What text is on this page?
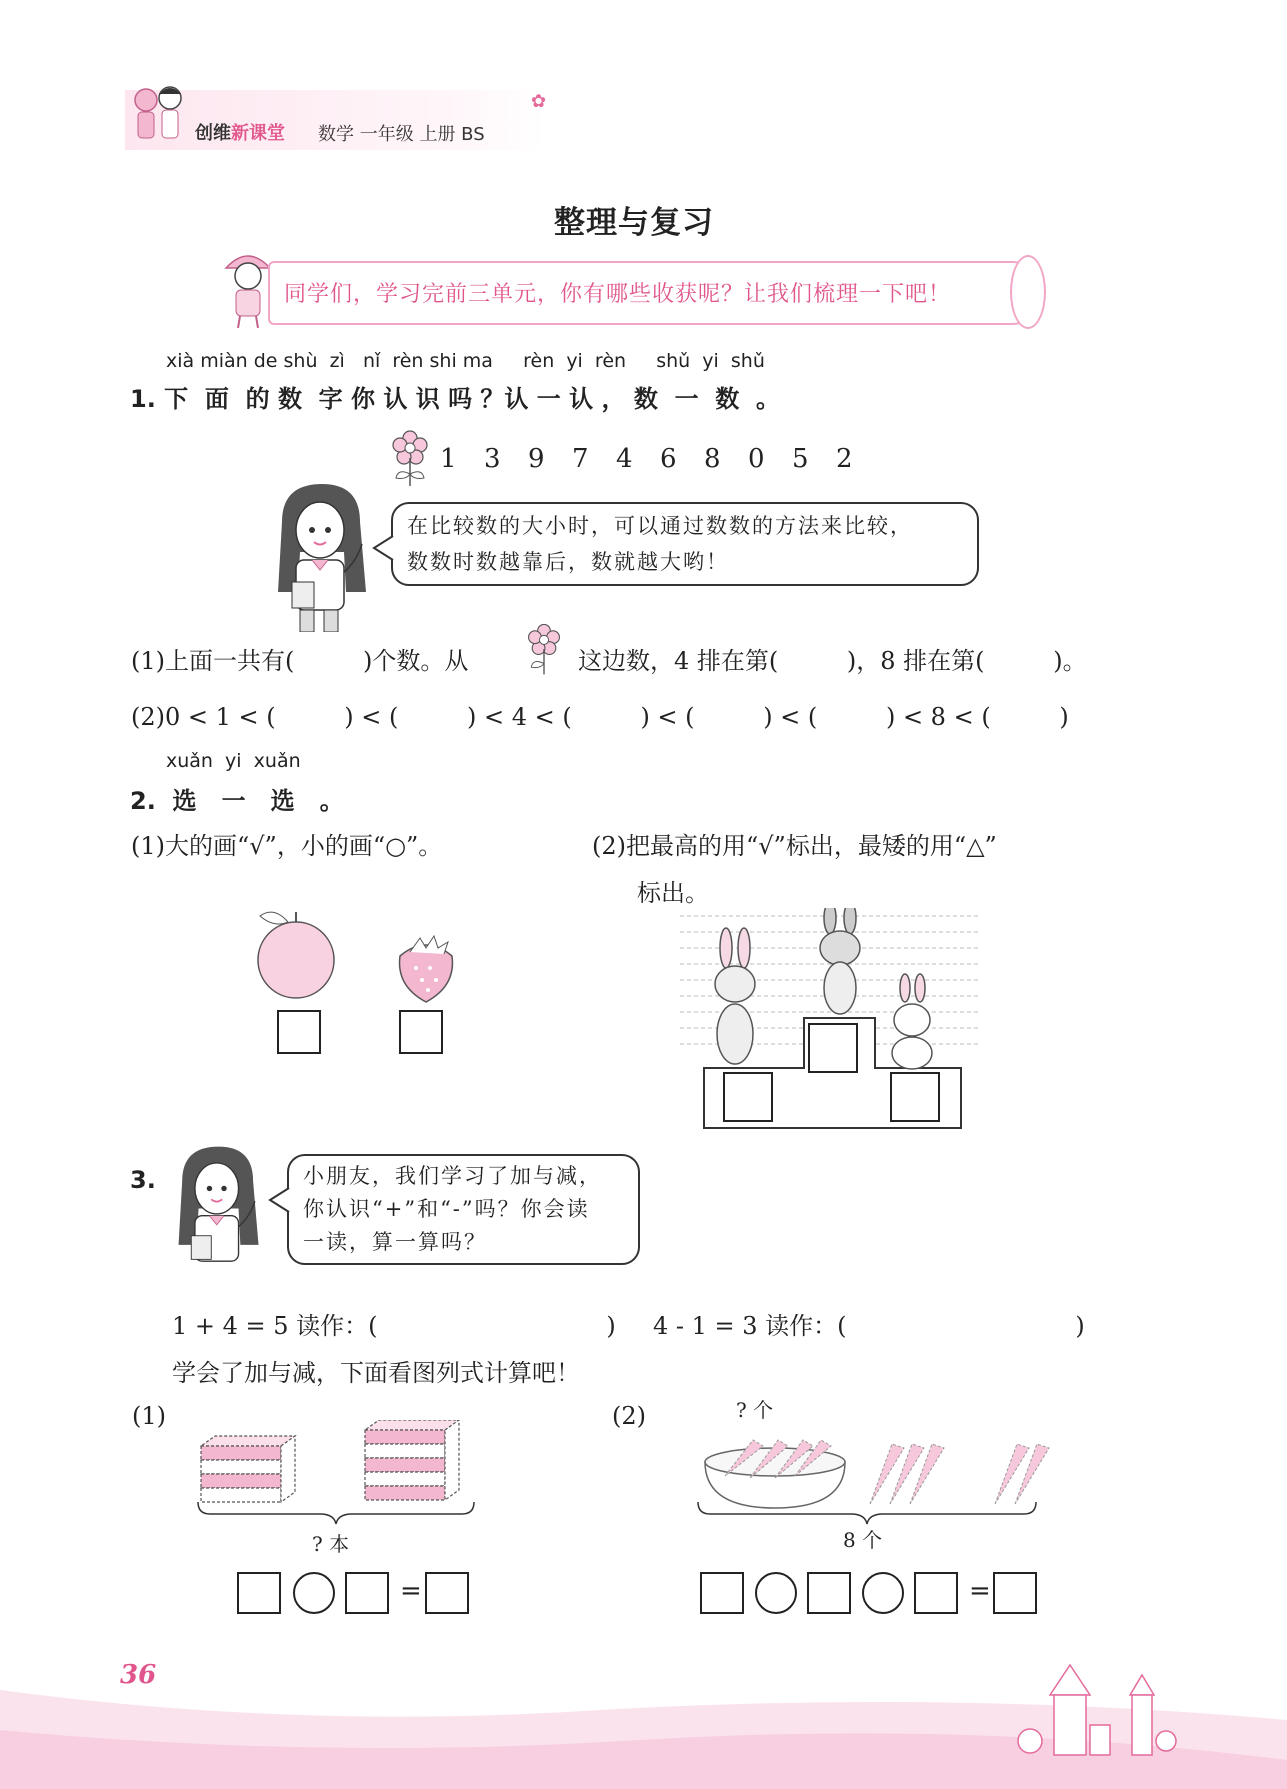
创维新课堂 数学 一年级 上册 BS
✿
整理与复习
同学们，学习完前三单元，你有哪些收获呢？让我们梳理一下吧！
xià miàn de shù  zì   nǐ  rèn shi ma     rèn  yi  rèn     shǔ  yi  shǔ
1. 下  面  的 数  字 你 认 识 吗 ？认 一 认 ， 数  一  数  。
1 3 9 7 4 6 8 0 5 2
在比较数的大小时，可以通过数数的方法来比较，
数数时数越靠后，数就越大哟！
(1)上面一共有(         )个数。从	这边数，4 排在第(         )，8 排在第(         )。
(2)0 < 1 < (         ) < (         ) < 4 < (         ) < (         ) < (         ) < 8 < (         )
xuǎn  yi  xuǎn
2.  选   一   选   。
(1)大的画“√”，小的画“○”。	(2)把最高的用“√”标出，最矮的用“△”
标出。
3.	小朋友，我们学习了加与减，
你认识“+”和“-”吗？你会读
一读，算一算吗？
1 + 4 = 5 读作：(                              ) 4 - 1 = 3 读作：(                              )
学会了加与减，下面看图列式计算吧！
(1)	(2)
? 本
? 个
8 个
=	=
36
